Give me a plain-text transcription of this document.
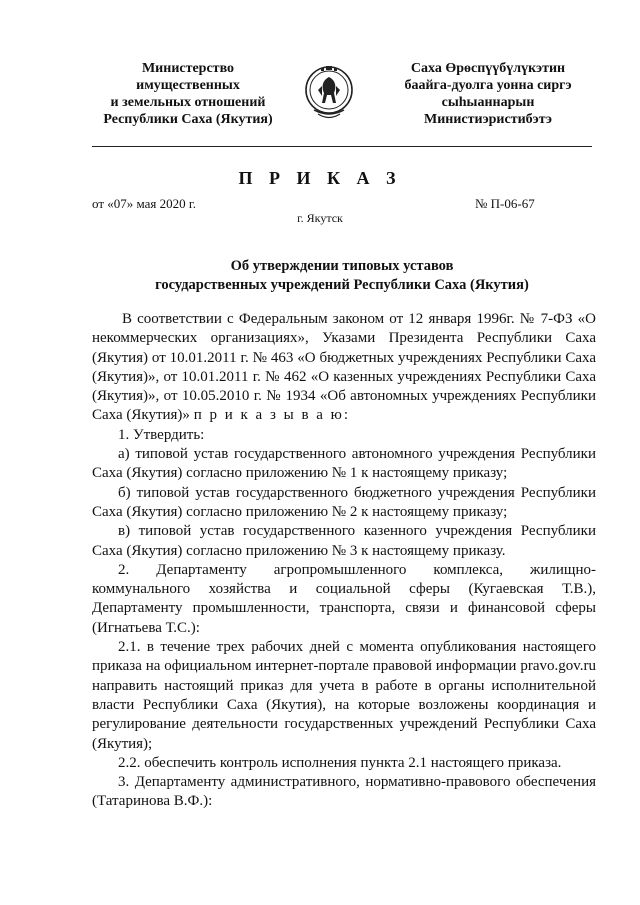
Министерство
имущественных
и земельных отношений
Республики Саха (Якутия)
Саха Өрөспүүбүлүкэтин
баайга-дуолга уонна сиргэ
сыһыаннарын
Министиэристибэтэ
П Р И К А З
от «07» мая 2020 г.	№ П-06-67
г. Якутск
Об утверждении типовых уставов
государственных учреждений Республики Саха (Якутия)

В соответствии с Федеральным законом от 12 января 1996г. № 7-ФЗ «О некоммерческих организациях», Указами Президента Республики Саха (Якутия) от 10.01.2011 г. № 463 «О бюджетных учреждениях Республики Саха (Якутия)», от 10.01.2011 г. № 462 «О казенных учреждениях Республики Саха (Якутия)», от 10.05.2010 г. № 1934 «Об автономных учреждениях Республики Саха (Якутия)» п р и к а з ы в а ю:

1. Утвердить:

а) типовой устав государственного автономного учреждения Республики Саха (Якутия) согласно приложению № 1 к настоящему приказу;

б) типовой устав государственного бюджетного учреждения Республики Саха (Якутия) согласно приложению № 2 к настоящему приказу;

в) типовой устав государственного казенного учреждения Республики Саха (Якутия) согласно приложению № 3 к настоящему приказу.

2. Департаменту агропромышленного комплекса, жилищно-коммунального хозяйства и социальной сферы (Кугаевская Т.В.), Департаменту промышленности, транспорта, связи и финансовой сферы (Игнатьева Т.С.):

2.1. в течение трех рабочих дней с момента опубликования настоящего приказа на официальном интернет-портале правовой информации pravo.gov.ru направить настоящий приказ для учета в работе в органы исполнительной власти Республики Саха (Якутия), на которые возложены координация и регулирование деятельности государственных учреждений Республики Саха (Якутия);

2.2. обеспечить контроль исполнения пункта 2.1 настоящего приказа.

3. Департаменту административного, нормативно-правового обеспечения (Татаринова В.Ф.):
